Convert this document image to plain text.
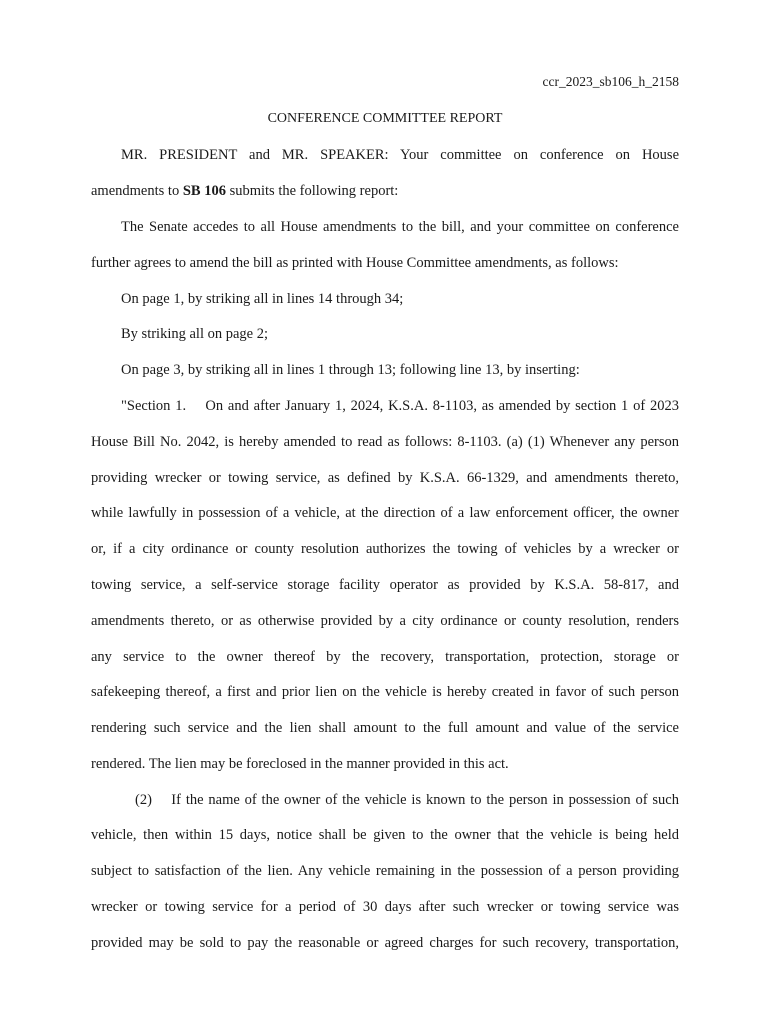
ccr_2023_sb106_h_2158
CONFERENCE COMMITTEE REPORT
MR. PRESIDENT and MR. SPEAKER: Your committee on conference on House
amendments to SB 106 submits the following report:
The Senate accedes to all House amendments to the bill, and your committee on conference
further agrees to amend the bill as printed with House Committee amendments, as follows:
On page 1, by striking all in lines 14 through 34;
By striking all on page 2;
On page 3, by striking all in lines 1 through 13; following line 13, by inserting:
"Section 1.    On and after January 1, 2024, K.S.A. 8-1103, as amended by section 1 of 2023
House Bill No. 2042, is hereby amended to read as follows: 8-1103. (a) (1) Whenever any person
providing wrecker or towing service, as defined by K.S.A. 66-1329, and amendments thereto,
while lawfully in possession of a vehicle, at the direction of a law enforcement officer, the owner
or, if a city ordinance or county resolution authorizes the towing of vehicles by a wrecker or
towing service, a self-service storage facility operator as provided by K.S.A. 58-817, and
amendments thereto, or as otherwise provided by a city ordinance or county resolution, renders
any service to the owner thereof by the recovery, transportation, protection, storage or
safekeeping thereof, a first and prior lien on the vehicle is hereby created in favor of such person
rendering such service and the lien shall amount to the full amount and value of the service
rendered. The lien may be foreclosed in the manner provided in this act.
(2)    If the name of the owner of the vehicle is known to the person in possession of such
vehicle, then within 15 days, notice shall be given to the owner that the vehicle is being held
subject to satisfaction of the lien. Any vehicle remaining in the possession of a person providing
wrecker or towing service for a period of 30 days after such wrecker or towing service was
provided may be sold to pay the reasonable or agreed charges for such recovery, transportation,
